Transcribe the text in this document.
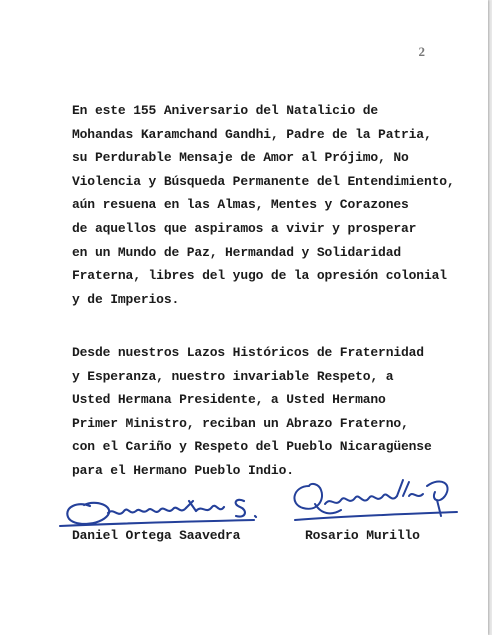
2
En este 155 Aniversario del Natalicio de
Mohandas Karamchand Gandhi, Padre de la Patria,
su Perdurable Mensaje de Amor al Prójimo, No
Violencia y Búsqueda Permanente del Entendimiento,
aún resuena en las Almas, Mentes y Corazones
de aquellos que aspiramos a vivir y prosperar
en un Mundo de Paz, Hermandad y Solidaridad
Fraterna, libres del yugo de la opresión colonial
y de Imperios.
Desde nuestros Lazos Históricos de Fraternidad
y Esperanza, nuestro invariable Respeto, a
Usted Hermana Presidente, a Usted Hermano
Primer Ministro, reciban un Abrazo Fraterno,
con el Cariño y Respeto del Pueblo Nicaragüense
para el Hermano Pueblo Indio.
Daniel Ortega Saavedra	Rosario Murillo
